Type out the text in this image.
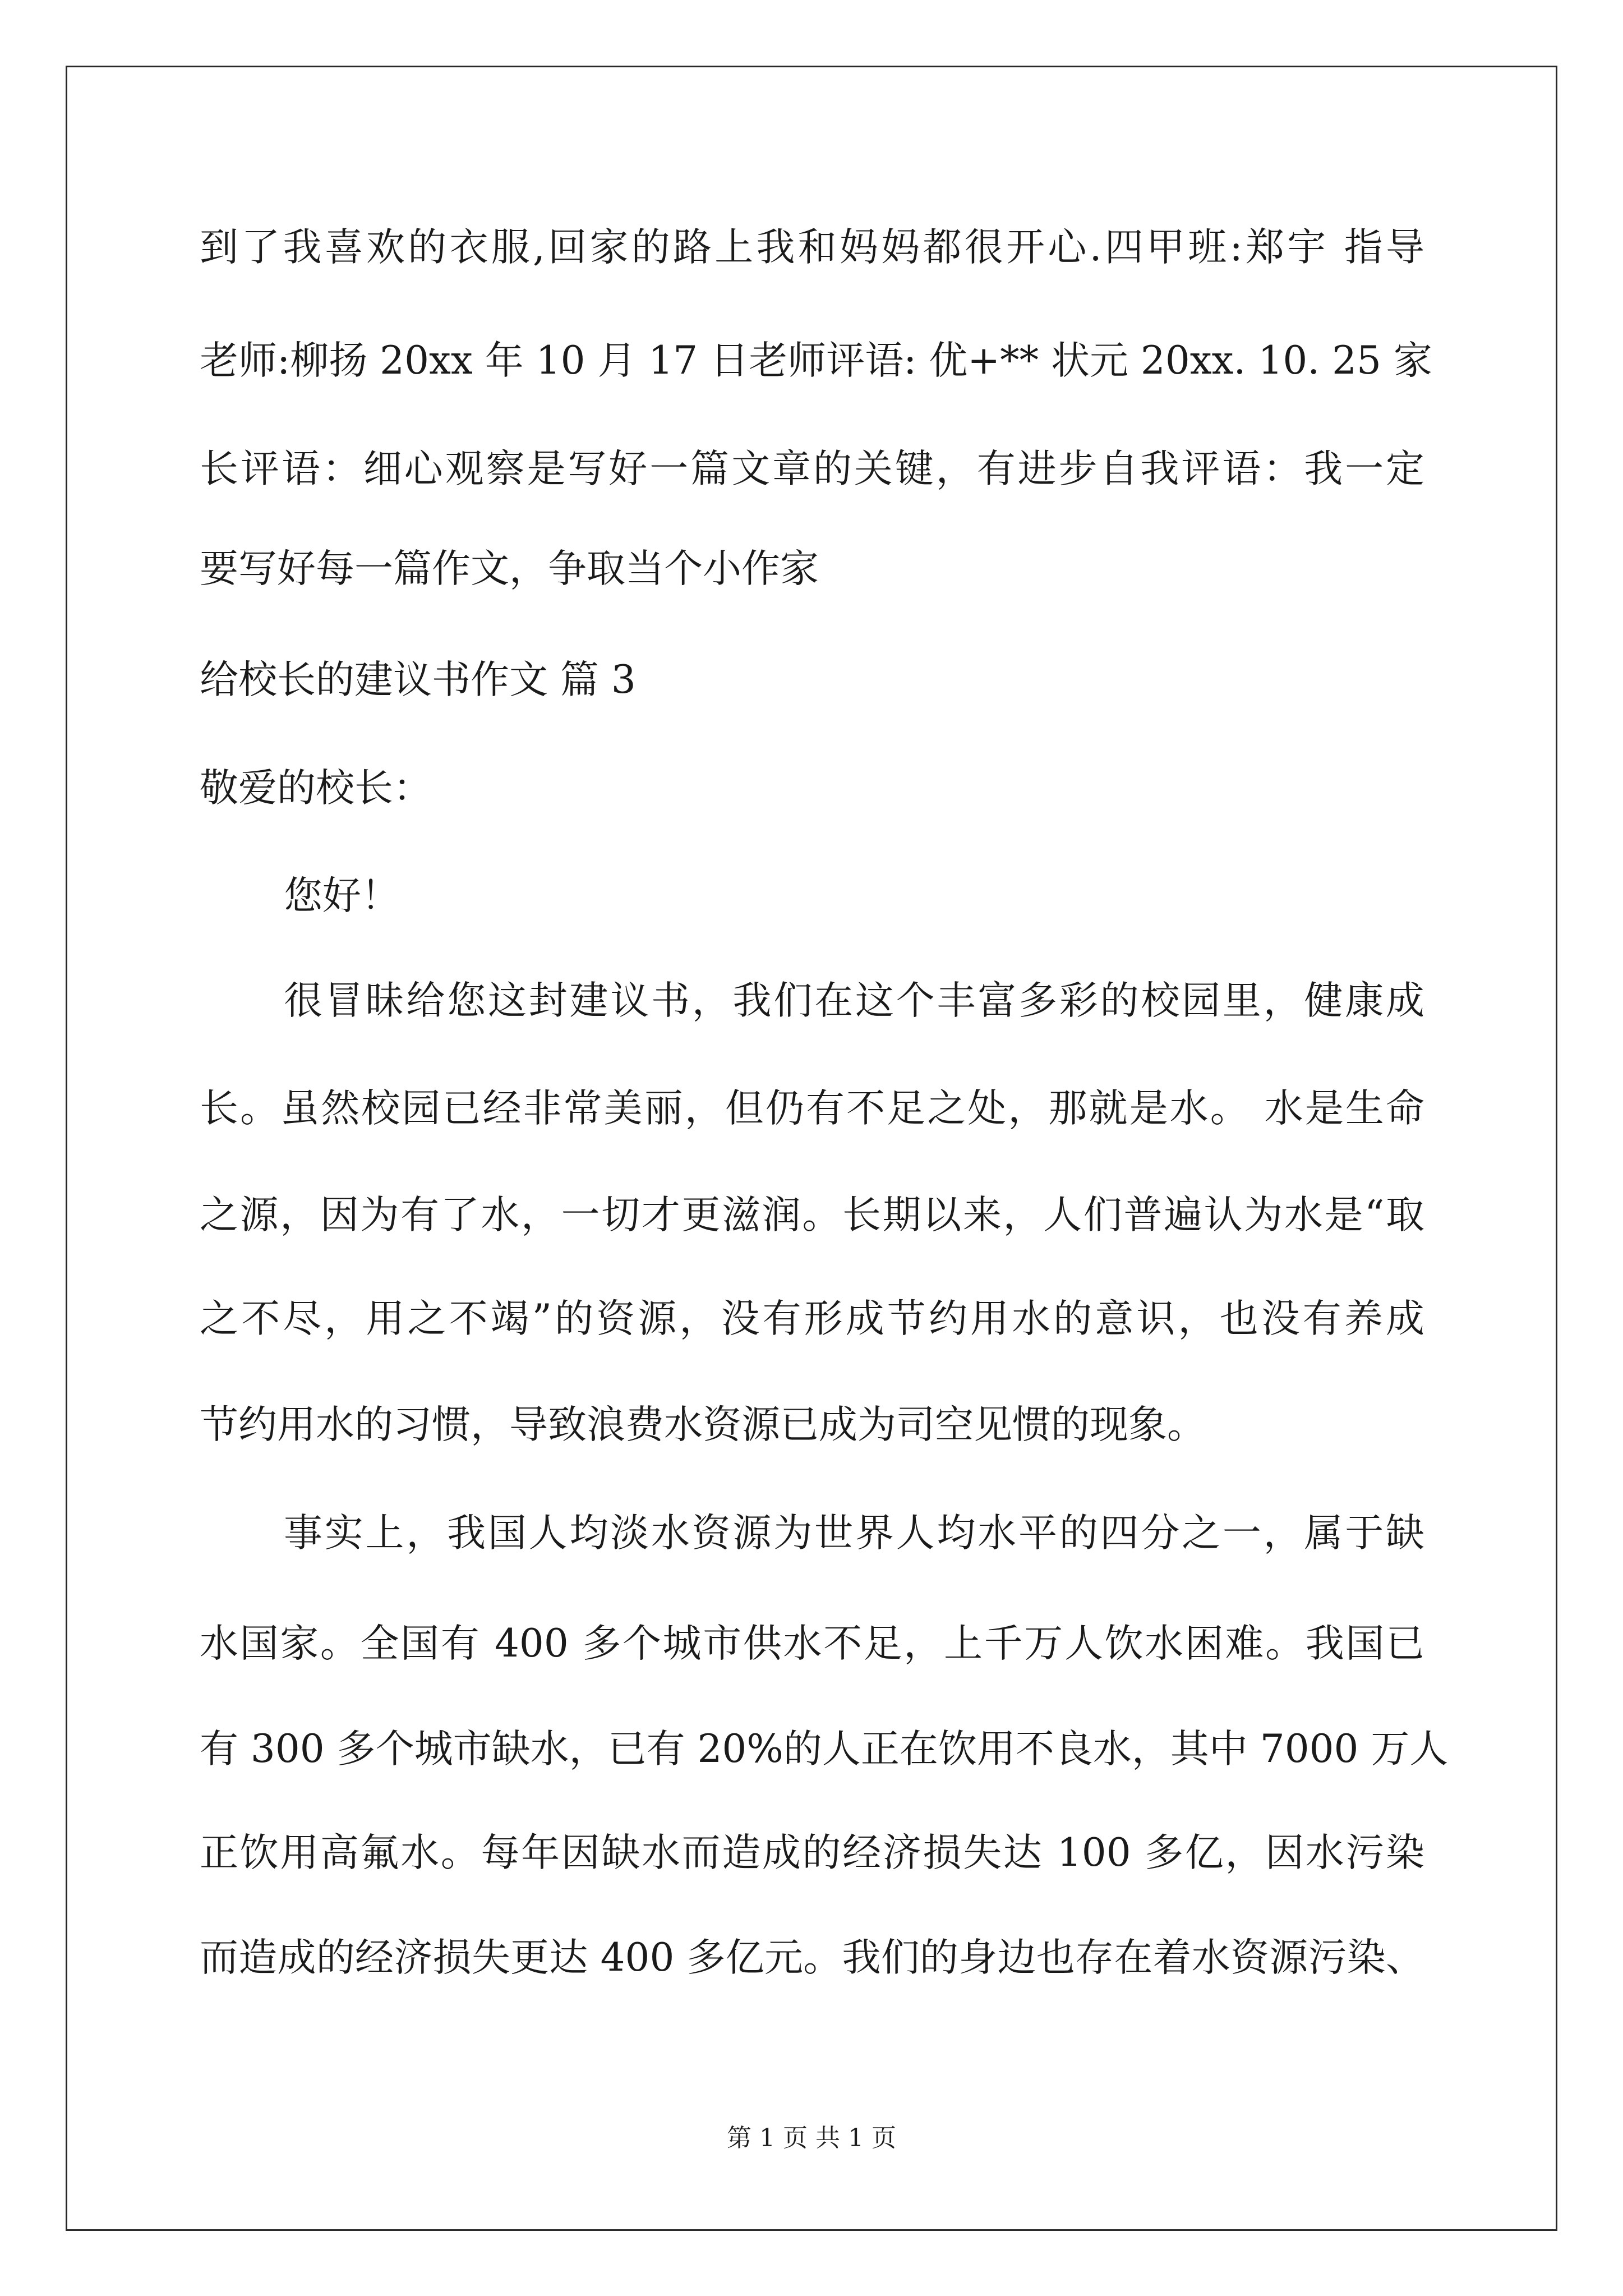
到了我喜欢的衣服,回家的路上我和妈妈都很开心.四甲班:郑宇 指导
老师:柳扬 20xx 年 10 月 17 日老师评语: 优+** 状元 20xx. 10. 25 家
长评语：细心观察是写好一篇文章的关键，有进步自我评语：我一定
要写好每一篇作文，争取当个小作家
给校长的建议书作文 篇 3
敬爱的校长：
您好！
很冒昧给您这封建议书，我们在这个丰富多彩的校园里，健康成
长。虽然校园已经非常美丽，但仍有不足之处，那就是水。 水是生命
之源，因为有了水，一切才更滋润。长期以来，人们普遍认为水是“取
之不尽，用之不竭”的资源，没有形成节约用水的意识，也没有养成
节约用水的习惯，导致浪费水资源已成为司空见惯的现象。
事实上，我国人均淡水资源为世界人均水平的四分之一，属于缺
水国家。全国有 400 多个城市供水不足，上千万人饮水困难。我国已
有 300 多个城市缺水，已有 20%的人正在饮用不良水，其中 7000 万人
正饮用高氟水。每年因缺水而造成的经济损失达 100 多亿，因水污染
而造成的经济损失更达 400 多亿元。我们的身边也存在着水资源污染、
第 1 页 共 1 页
